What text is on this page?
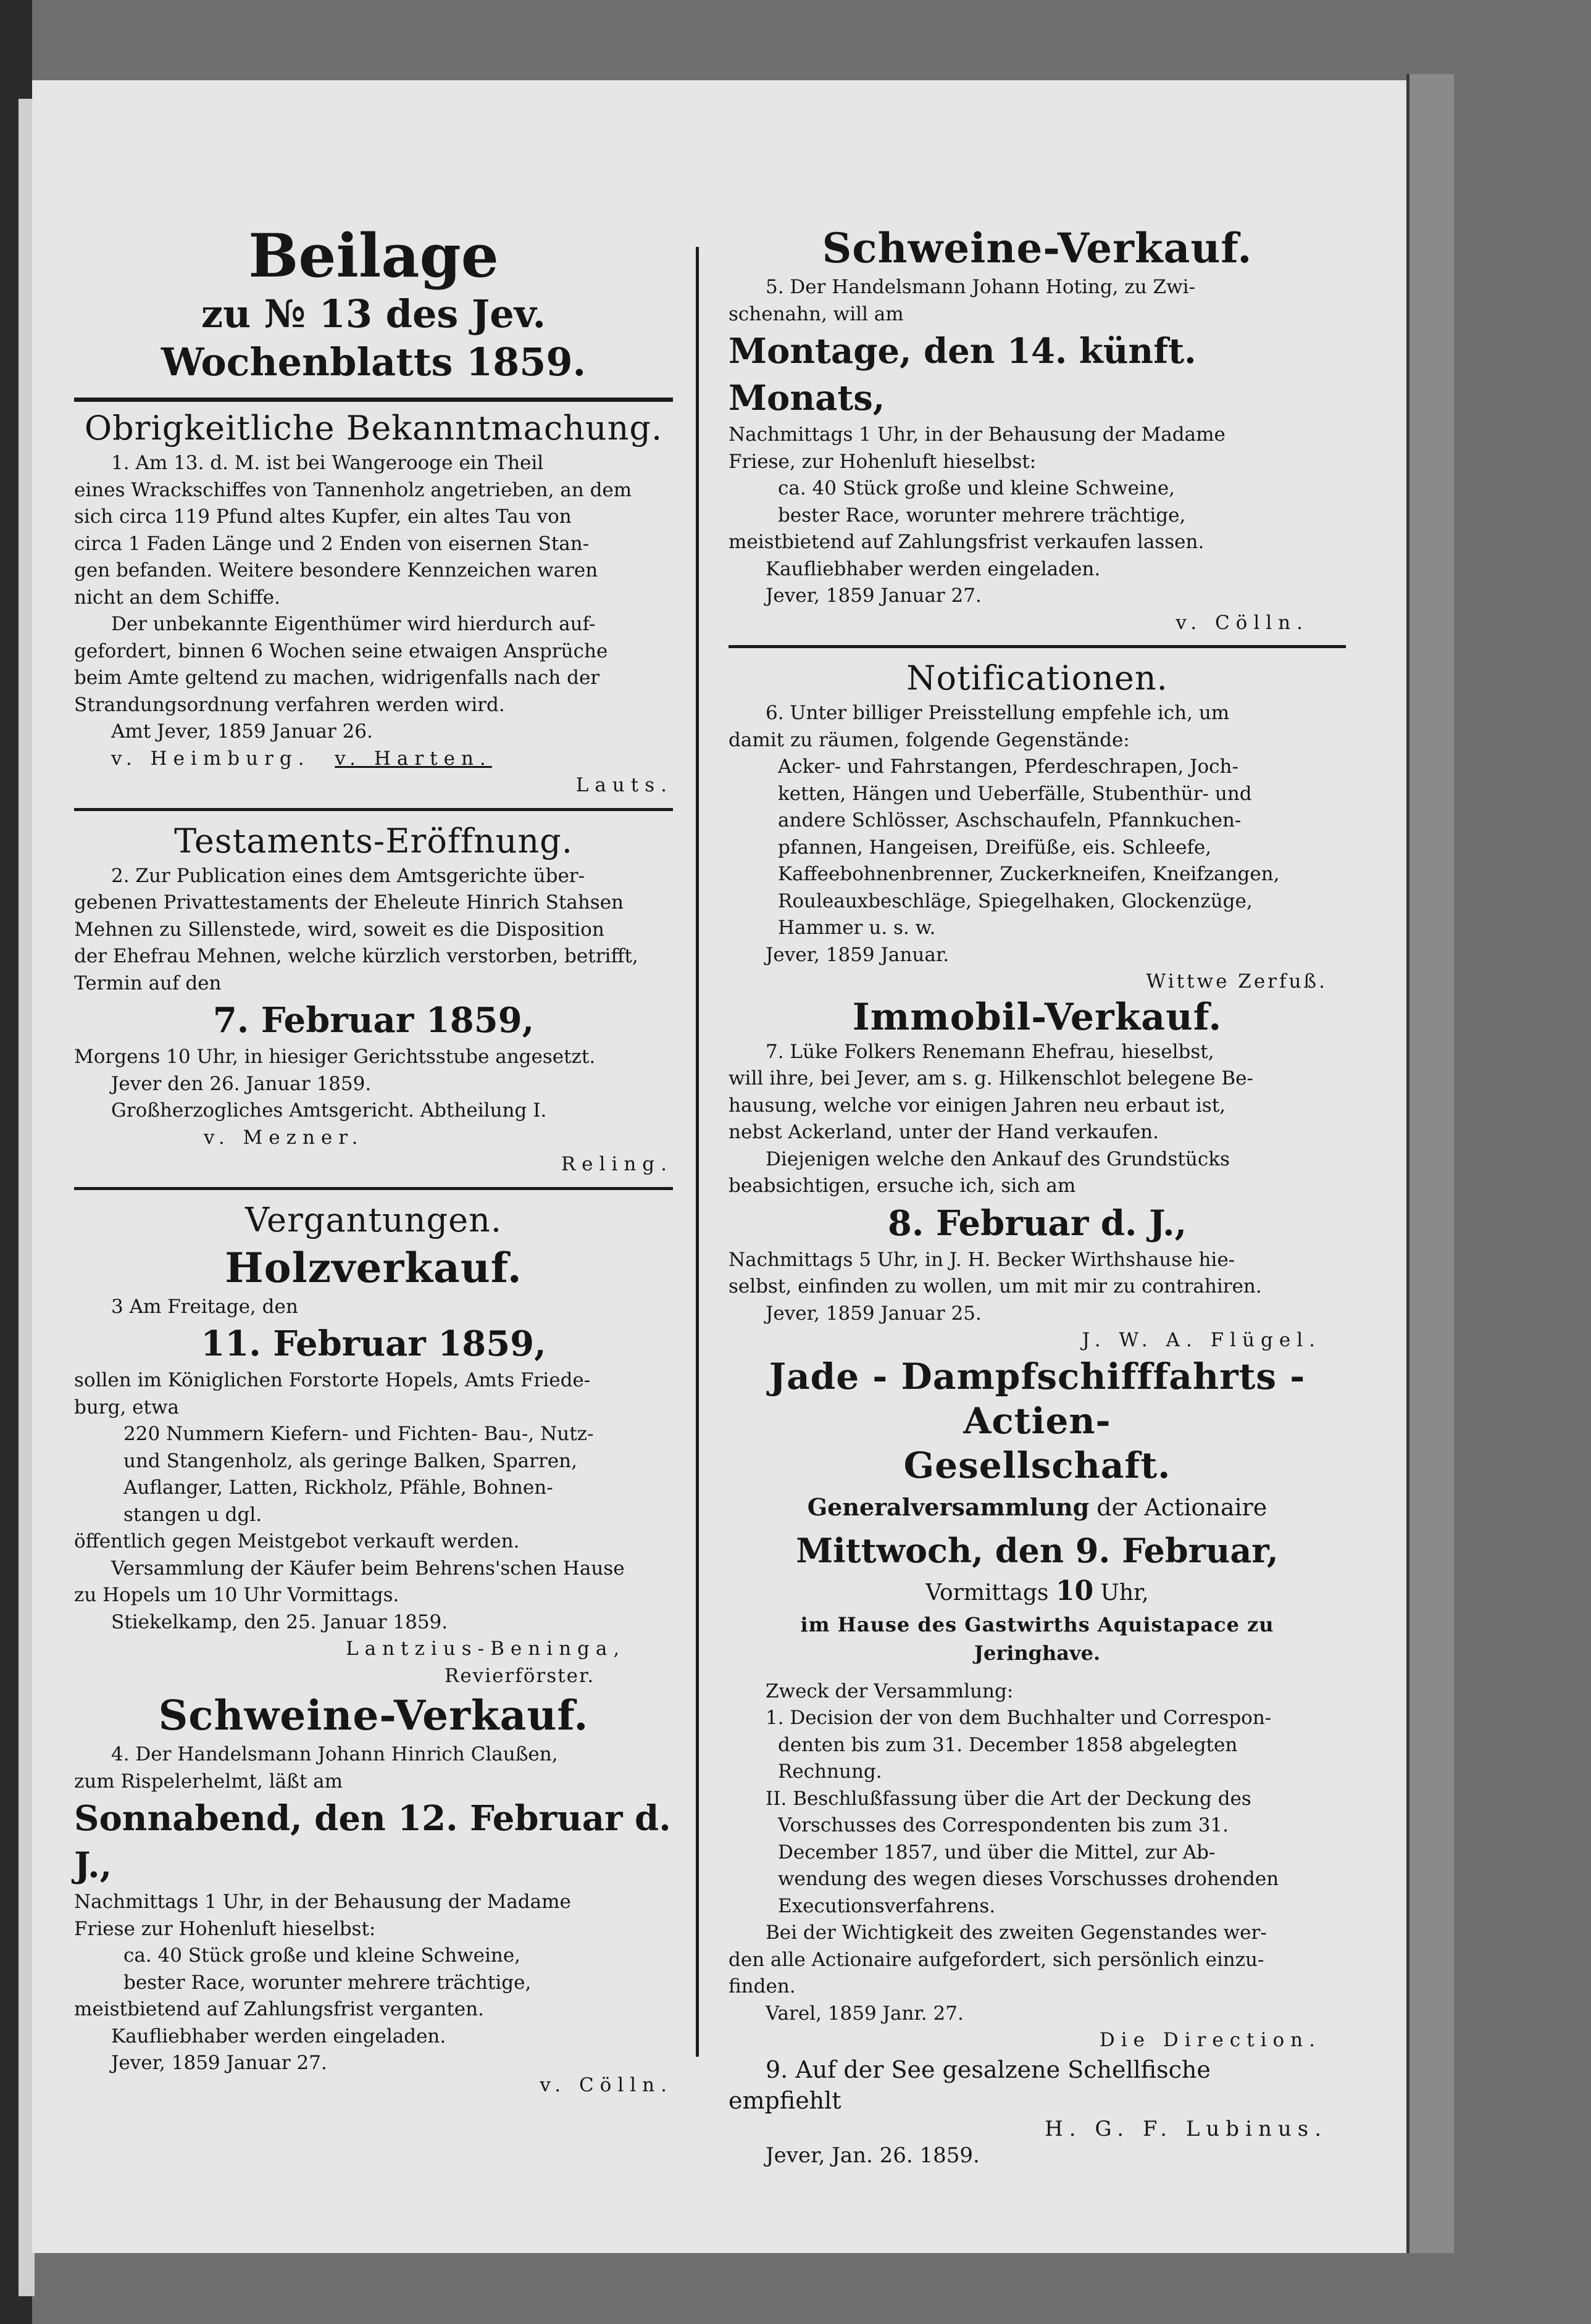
Beilage
zu № 13 des Jev. Wochenblatts 1859.
Obrigkeitliche Bekanntmachung.

1. Am 13. d. M. ist bei Wangerooge ein Theil

eines Wrackschiffes von Tannenholz angetrieben, an dem

sich circa 119 Pfund altes Kupfer, ein altes Tau von

circa 1 Faden Länge und 2 Enden von eisernen Stan-

gen befanden. Weitere besondere Kennzeichen waren

nicht an dem Schiffe.

Der unbekannte Eigenthümer wird hierdurch auf-

gefordert, binnen 6 Wochen seine etwaigen Ansprüche

beim Amte geltend zu machen, widrigenfalls nach der

Strandungsordnung verfahren werden wird.

Amt Jever, 1859 Januar 26.

v. Heimburg. v. Harten.

Lauts.

Testaments-Eröffnung.

2. Zur Publication eines dem Amtsgerichte über-

gebenen Privattestaments der Eheleute Hinrich Stahsen

Mehnen zu Sillenstede, wird, soweit es die Disposition

der Ehefrau Mehnen, welche kürzlich verstorben, betrifft,

Termin auf den

7. Februar 1859,

Morgens 10 Uhr, in hiesiger Gerichtsstube angesetzt.

Jever den 26. Januar 1859.

Großherzogliches Amtsgericht. Abtheilung I.

v. Mezner.

Reling.

Vergantungen.
Holzverkauf.

3 Am Freitage, den

11. Februar 1859,

sollen im Königlichen Forstorte Hopels, Amts Friede-

burg, etwa

220 Nummern Kiefern- und Fichten- Bau-, Nutz-

und Stangenholz, als geringe Balken, Sparren,

Auflanger, Latten, Rickholz, Pfähle, Bohnen-

stangen u dgl.

öffentlich gegen Meistgebot verkauft werden.

Versammlung der Käufer beim Behrens'schen Hause

zu Hopels um 10 Uhr Vormittags.

Stiekelkamp, den 25. Januar 1859.

Lantzius-Beninga,

Revierförster.

Schweine-Verkauf.

4. Der Handelsmann Johann Hinrich Claußen,

zum Rispelerhelmt, läßt am

Sonnabend, den 12. Februar d. J.,

Nachmittags 1 Uhr, in der Behausung der Madame

Friese zur Hohenluft hieselbst:

ca. 40 Stück große und kleine Schweine,

bester Race, worunter mehrere trächtige,

meistbietend auf Zahlungsfrist verganten.

Kaufliebhaber werden eingeladen.

Jever, 1859 Januar 27.

v. Cölln.

Schweine-Verkauf.

5. Der Handelsmann Johann Hoting, zu Zwi-

schenahn, will am

Montage, den 14. künft. Monats,

Nachmittags 1 Uhr, in der Behausung der Madame

Friese, zur Hohenluft hieselbst:

ca. 40 Stück große und kleine Schweine,

bester Race, worunter mehrere trächtige,

meistbietend auf Zahlungsfrist verkaufen lassen.

Kaufliebhaber werden eingeladen.

Jever, 1859 Januar 27.

v. Cölln.

Notificationen.

6. Unter billiger Preisstellung empfehle ich, um

damit zu räumen, folgende Gegenstände:

Acker- und Fahrstangen, Pferdeschrapen, Joch-

ketten, Hängen und Ueberfälle, Stubenthür- und

andere Schlösser, Aschschaufeln, Pfannkuchen-

pfannen, Hangeisen, Dreifüße, eis. Schleefe,

Kaffeebohnenbrenner, Zuckerkneifen, Kneifzangen,

Rouleauxbeschläge, Spiegelhaken, Glockenzüge,

Hammer u. s. w.

Jever, 1859 Januar.

Wittwe Zerfuß.

Immobil-Verkauf.

7. Lüke Folkers Renemann Ehefrau, hieselbst,

will ihre, bei Jever, am s. g. Hilkenschlot belegene Be-

hausung, welche vor einigen Jahren neu erbaut ist,

nebst Ackerland, unter der Hand verkaufen.

Diejenigen welche den Ankauf des Grundstücks

beabsichtigen, ersuche ich, sich am

8. Februar d. J.,

Nachmittags 5 Uhr, in J. H. Becker Wirthshause hie-

selbst, einfinden zu wollen, um mit mir zu contrahiren.

Jever, 1859 Januar 25.

J. W. A. Flügel.

Jade - Dampfschifffahrts - Actien-
Gesellschaft.

Generalversammlung der Actionaire

Mittwoch, den 9. Februar,

Vormittags 10 Uhr,

im Hause des Gastwirths Aquistapace zu

Jeringhave.

Zweck der Versammlung:

1. Decision der von dem Buchhalter und Correspon-

denten bis zum 31. December 1858 abgelegten

Rechnung.

II. Beschlußfassung über die Art der Deckung des

Vorschusses des Correspondenten bis zum 31.

December 1857, und über die Mittel, zur Ab-

wendung des wegen dieses Vorschusses drohenden

Executionsverfahrens.

Bei der Wichtigkeit des zweiten Gegenstandes wer-

den alle Actionaire aufgefordert, sich persönlich einzu-

finden.

Varel, 1859 Janr. 27.

Die Direction.

9. Auf der See gesalzene Schellfische

empfiehlt

H. G. F. Lubinus.

Jever, Jan. 26. 1859.
